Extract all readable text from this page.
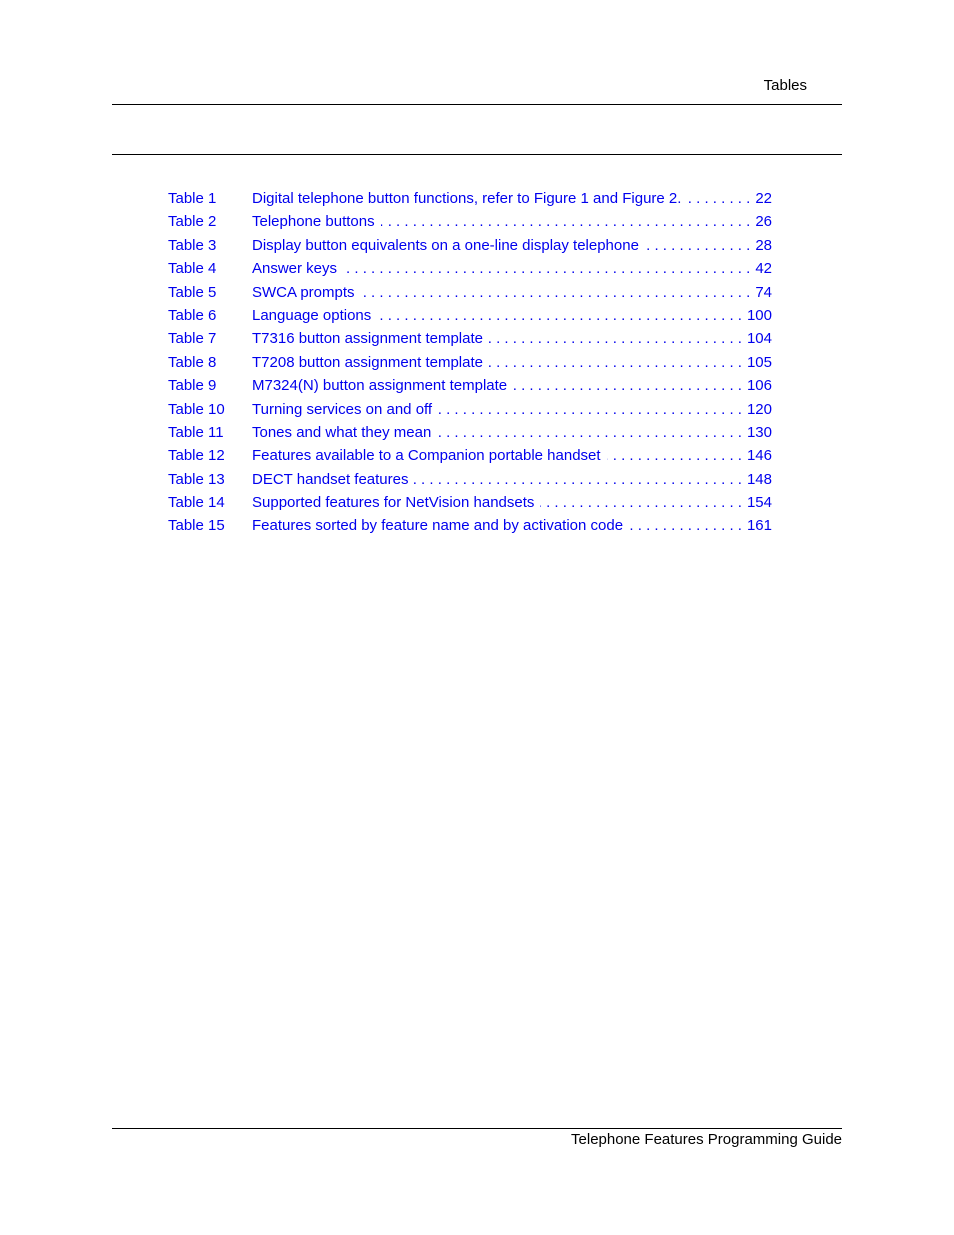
Tables
Table 1	Digital telephone button functions, refer to Figure 1 and Figure 2. . . .	22
Table 2	Telephone buttons . . .	26
Table 3	Display button equivalents on a one-line display telephone . . .	28
Table 4	Answer keys . . .	42
Table 5	SWCA prompts . . .	74
Table 6	Language options . . .	100
Table 7	T7316 button assignment template . . .	104
Table 8	T7208 button assignment template . . .	105
Table 9	M7324(N) button assignment template . . .	106
Table 10	Turning services on and off . . .	120
Table 11	Tones and what they mean . . .	130
Table 12	Features available to a Companion portable handset . . .	146
Table 13	DECT handset features . . .	148
Table 14	Supported features for NetVision handsets . . .	154
Table 15	Features sorted by feature name and by activation code . . .	161
Telephone Features Programming Guide
